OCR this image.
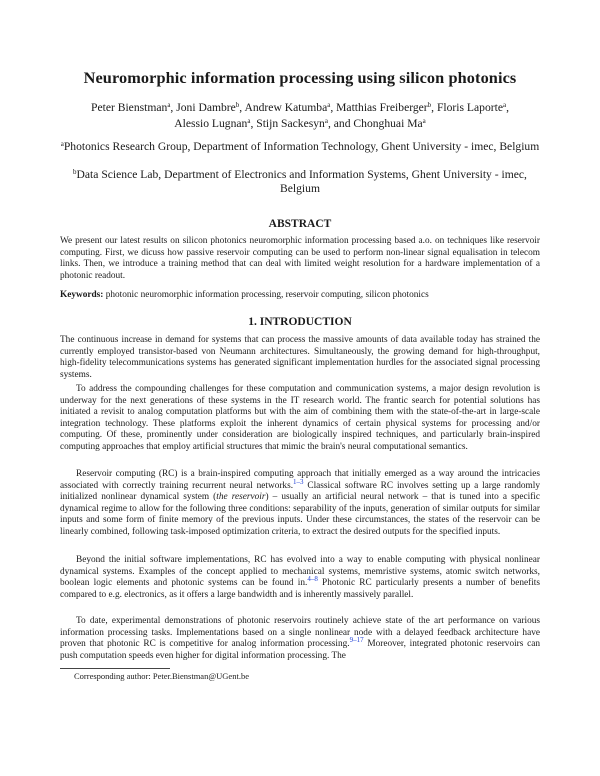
Neuromorphic information processing using silicon photonics
Peter Bienstman$^a$, Joni Dambre$^b$, Andrew Katumba$^a$, Matthias Freiberger$^b$, Floris Laporte$^a$,
Alessio Lugnan$^a$, Stijn Sackesyn$^a$, and Chonghuai Ma$^a$
$^a$Photonics Research Group, Department of Information Technology, Ghent University - imec, Belgium
$^b$Data Science Lab, Department of Electronics and Information Systems, Ghent University - imec, Belgium
ABSTRACT

We present our latest results on silicon photonics neuromorphic information processing based a.o. on techniques like reservoir computing. First, we dicuss how passive reservoir computing can be used to perform non-linear signal equalisation in telecom links. Then, we introduce a training method that can deal with limited weight resolution for a hardware implementation of a photonic readout.

Keywords: photonic neuromorphic information processing, reservoir computing, silicon photonics

1. INTRODUCTION

The continuous increase in demand for systems that can process the massive amounts of data available today has strained the currently employed transistor-based von Neumann architectures. Simultaneously, the growing demand for high-throughput, high-fidelity telecommunications systems has generated significant implementation hurdles for the associated signal processing systems.

To address the compounding challenges for these computation and communication systems, a major design revolution is underway for the next generations of these systems in the IT research world. The frantic search for potential solutions has initiated a revisit to analog computation platforms but with the aim of combining them with the state-of-the-art in large-scale integration technology. These platforms exploit the inherent dynamics of certain physical systems for processing and/or computing. Of these, prominently under consideration are biologically inspired techniques, and particularly brain-inspired computing approaches that employ artificial structures that mimic the brain's neural computational semantics.

Reservoir computing (RC) is a brain-inspired computing approach that initially emerged as a way around the intricacies associated with correctly training recurrent neural networks.$^{1-3}$ Classical software RC involves setting up a large randomly initialized nonlinear dynamical system (the reservoir) – usually an artificial neural network – that is tuned into a specific dynamical regime to allow for the following three conditions: separability of the inputs, generation of similar outputs for similar inputs and some form of finite memory of the previous inputs. Under these circumstances, the states of the reservoir can be linearly combined, following task-imposed optimization criteria, to extract the desired outputs for the specified inputs.

Beyond the initial software implementations, RC has evolved into a way to enable computing with physical nonlinear dynamical systems. Examples of the concept applied to mechanical systems, memristive systems, atomic switch networks, boolean logic elements and photonic systems can be found in.$^{4-8}$ Photonic RC particularly presents a number of benefits compared to e.g. electronics, as it offers a large bandwidth and is inherently massively parallel.

To date, experimental demonstrations of photonic reservoirs routinely achieve state of the art performance on various information processing tasks. Implementations based on a single nonlinear node with a delayed feedback architecture have proven that photonic RC is competitive for analog information processing.$^{9-17}$ Moreover, integrated photonic reservoirs can push computation speeds even higher for digital information processing. The

Corresponding author: Peter.Bienstman@UGent.be
